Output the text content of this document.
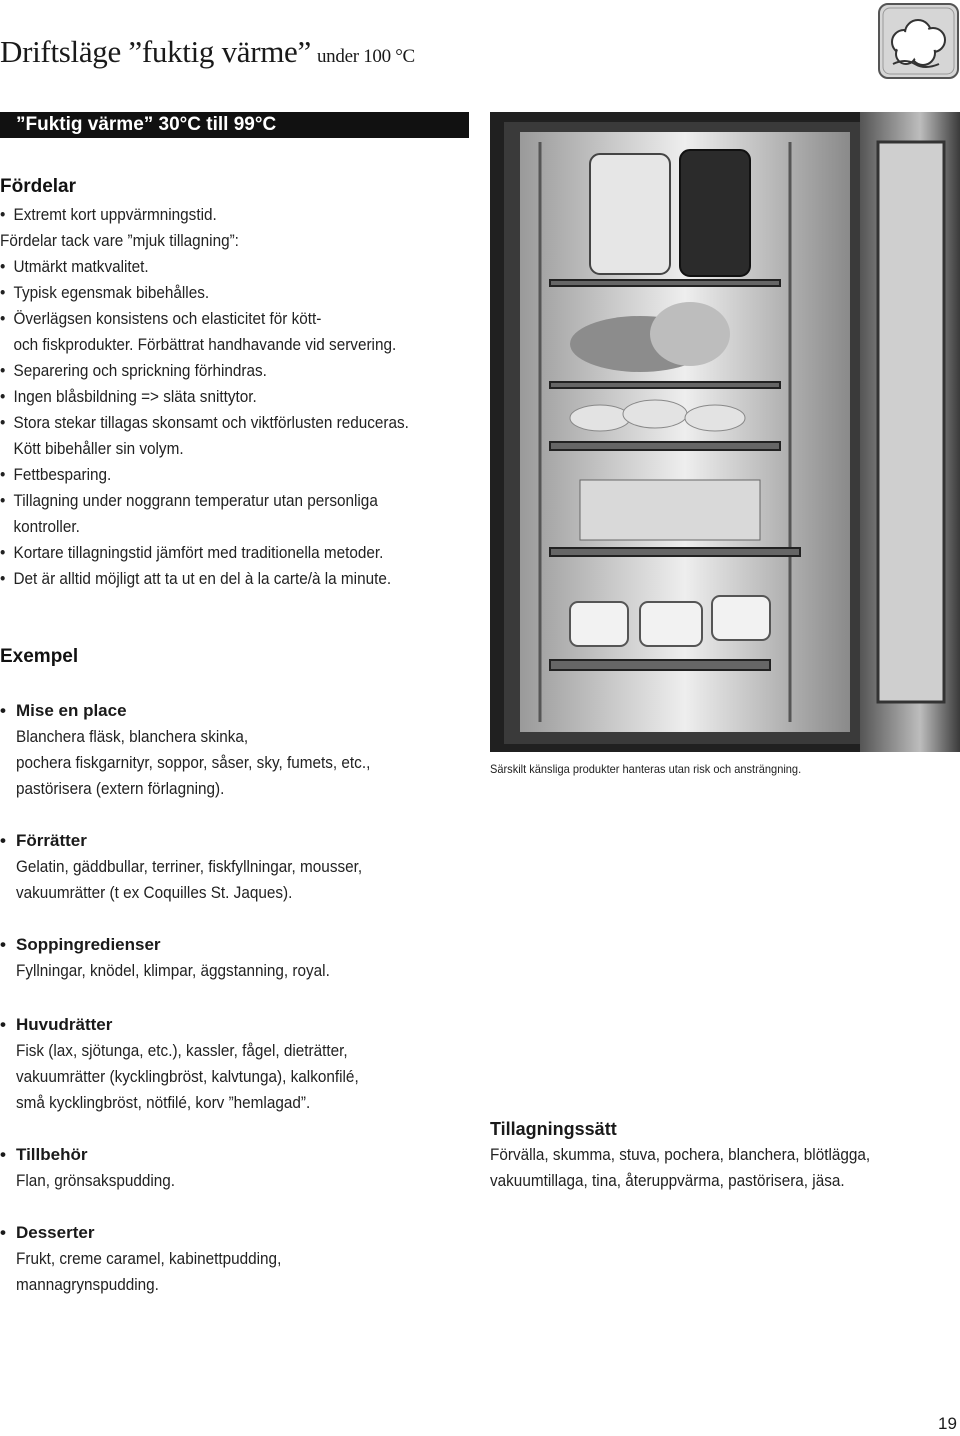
Driftsläge ”fuktig värme” under 100 °C
”Fuktig värme” 30°C till 99°C
Fördelar
• Extremt kort uppvärmningstid.
Fördelar tack vare ”mjuk tillagning”:
• Utmärkt matkvalitet.
• Typisk egensmak bibehålles.
• Överlägsen konsistens och elasticitet för kött-
och fiskprodukter. Förbättrat handhavande vid servering.
• Separering och sprickning förhindras.
• Ingen blåsbildning => släta snittytor.
• Stora stekar tillagas skonsamt och viktförlusten reduceras.
Kött bibehåller sin volym.
• Fettbesparing.
• Tillagning under noggrann temperatur utan personliga
kontroller.
• Kortare tillagningstid jämfört med traditionella metoder.
• Det är alltid möjligt att ta ut en del à la carte/à la minute.
Exempel
• Mise en place
Blanchera fläsk, blanchera skinka,
pochera fiskgarnityr, soppor, såser, sky, fumets, etc.,
pastörisera (extern förlagning).
• Förrätter
Gelatin, gäddbullar, terriner, fiskfyllningar, mousser,
vakuumrätter (t ex Coquilles St. Jaques).
• Soppingredienser
Fyllningar, knödel, klimpar, äggstanning, royal.
• Huvudrätter
Fisk (lax, sjötunga, etc.), kassler, fågel, dieträtter,
vakuumrätter (kycklingbröst, kalvtunga), kalkonfilé,
små kycklingbröst, nötfilé, korv ”hemlagad”.
• Tillbehör
Flan, grönsakspudding.
• Desserter
Frukt, creme caramel, kabinettpudding,
mannagrynspudding.

Särskilt känsliga produkter hanteras utan risk och ansträngning.

Tillagningssätt
Förvälla, skumma, stuva, pochera, blanchera, blötlägga,
vakuumtillaga, tina, återuppvärma, pastörisera, jäsa.
19
